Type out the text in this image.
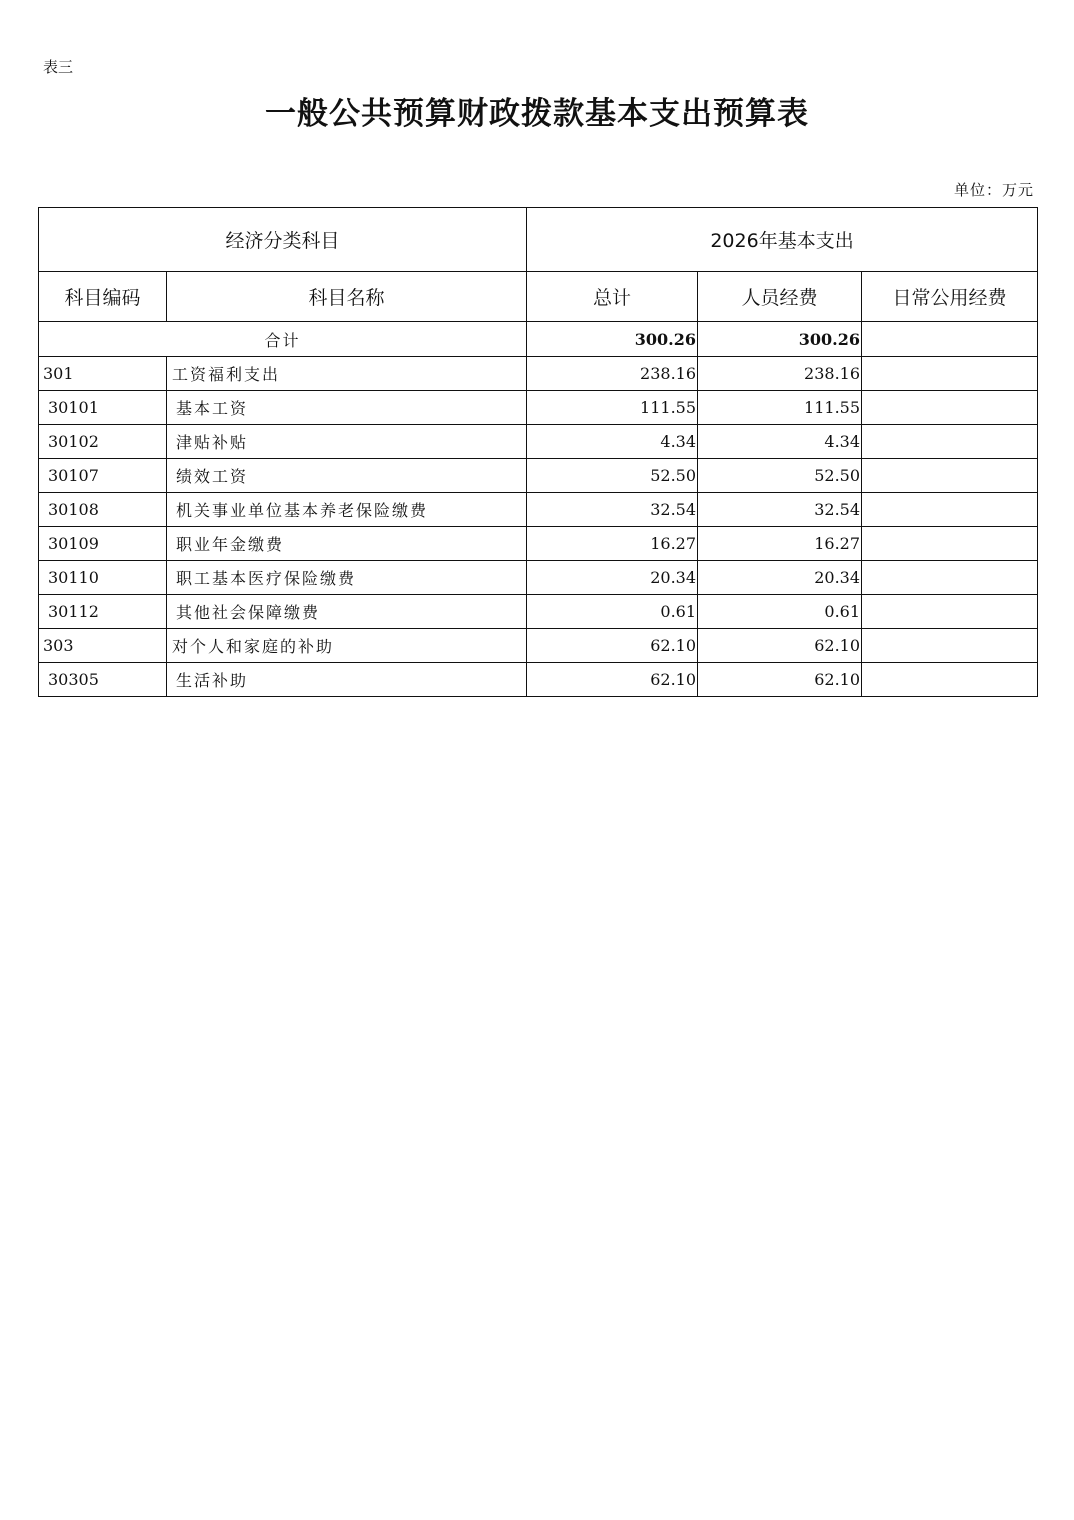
表三
一般公共预算财政拨款基本支出预算表
单位：万元
经济分类科目		2026年基本支出		
科目编码	科目名称	总计	人员经费	日常公用经费
合计		300.26	300.26	
301	工资福利支出	238.16	238.16	
30101	基本工资	111.55	111.55	
30102	津贴补贴	4.34	4.34	
30107	绩效工资	52.50	52.50	
30108	机关事业单位基本养老保险缴费	32.54	32.54	
30109	职业年金缴费	16.27	16.27	
30110	职工基本医疗保险缴费	20.34	20.34	
30112	其他社会保障缴费	0.61	0.61	
303	对个人和家庭的补助	62.10	62.10	
30305	生活补助	62.10	62.10	
